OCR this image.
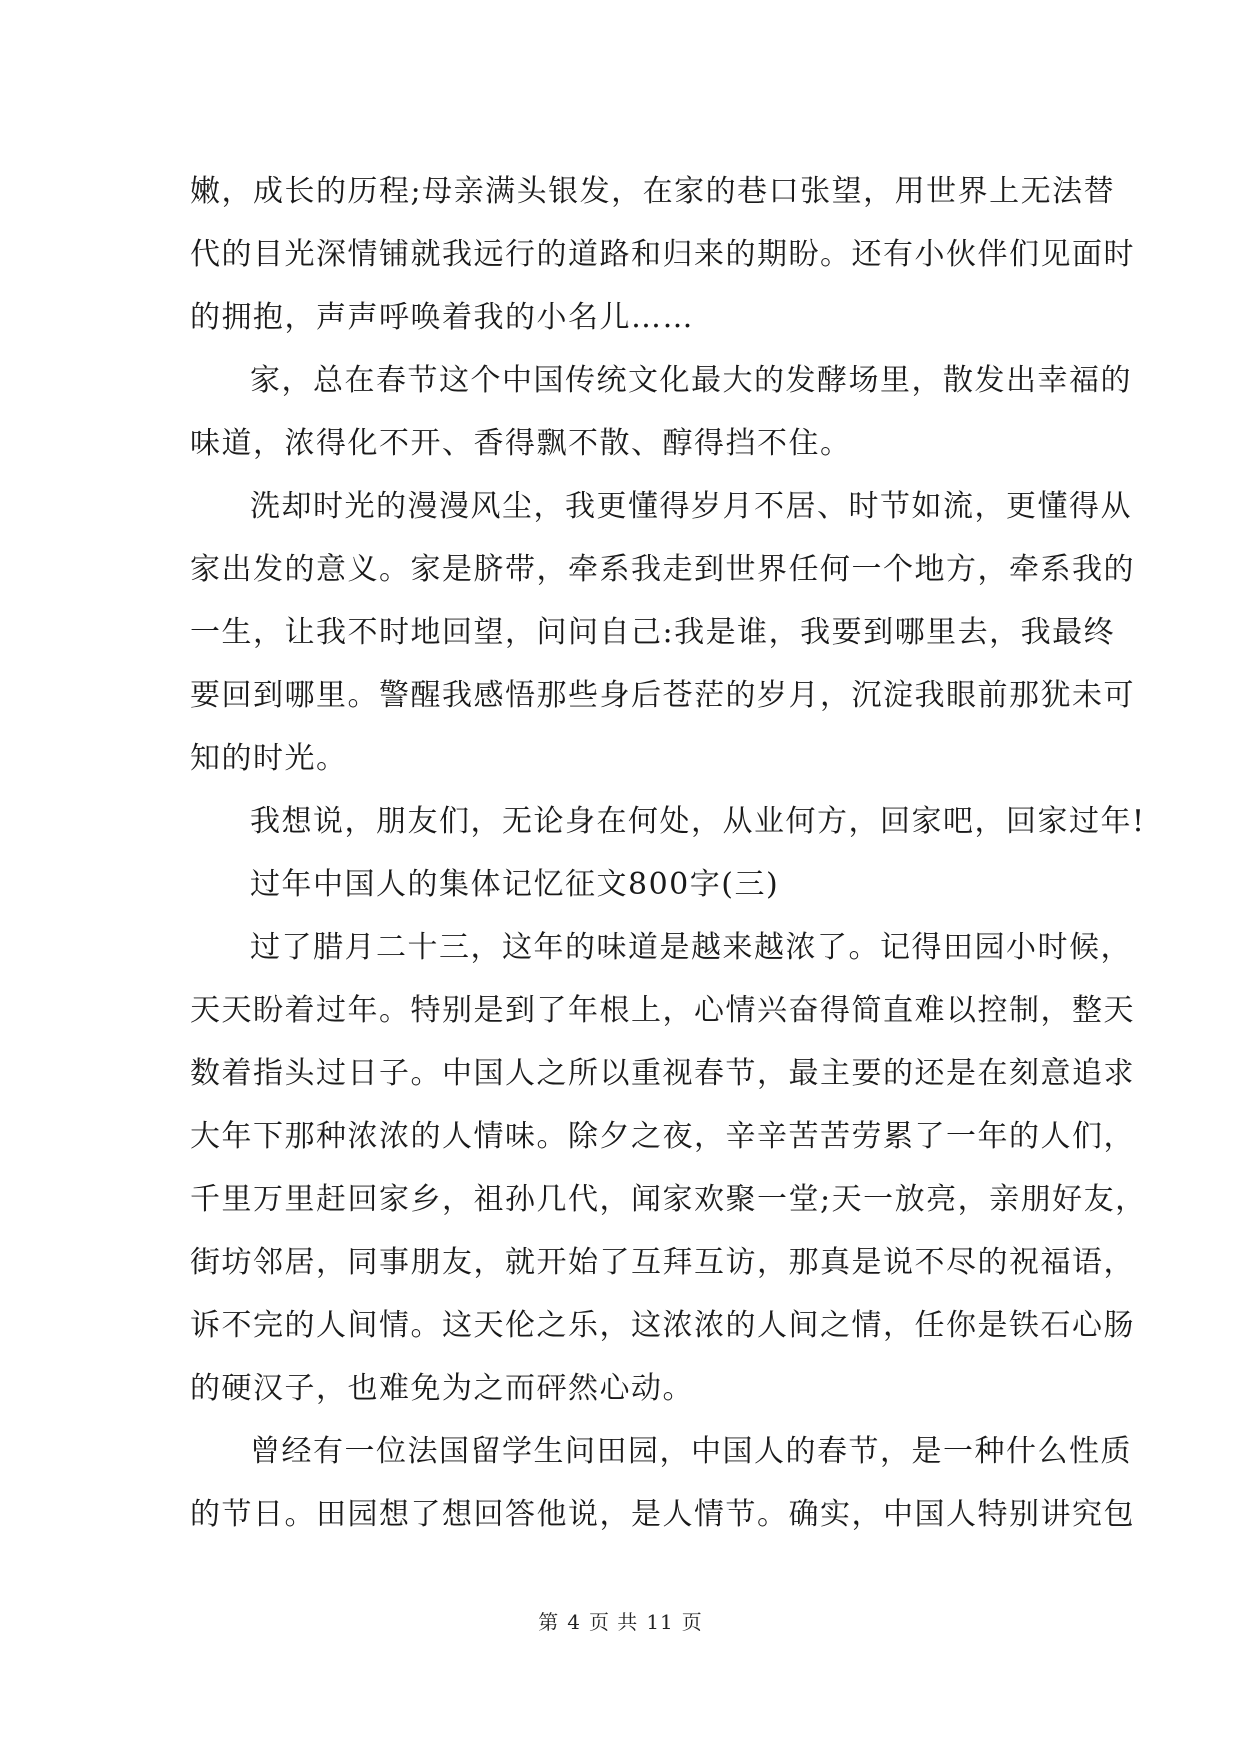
嫩，成长的历程;母亲满头银发，在家的巷口张望，用世界上无法替
代的目光深情铺就我远行的道路和归来的期盼。还有小伙伴们见面时
的拥抱，声声呼唤着我的小名儿……
家，总在春节这个中国传统文化最大的发酵场里，散发出幸福的
味道，浓得化不开、香得飘不散、醇得挡不住。
洗却时光的漫漫风尘，我更懂得岁月不居、时节如流，更懂得从
家出发的意义。家是脐带，牵系我走到世界任何一个地方，牵系我的
一生，让我不时地回望，问问自己:我是谁，我要到哪里去，我最终
要回到哪里。警醒我感悟那些身后苍茫的岁月，沉淀我眼前那犹未可
知的时光。
我想说，朋友们，无论身在何处，从业何方，回家吧，回家过年!
过年中国人的集体记忆征文800字(三)
过了腊月二十三，这年的味道是越来越浓了。记得田园小时候，
天天盼着过年。特别是到了年根上，心情兴奋得简直难以控制，整天
数着指头过日子。中国人之所以重视春节，最主要的还是在刻意追求
大年下那种浓浓的人情味。除夕之夜，辛辛苦苦劳累了一年的人们，
千里万里赶回家乡，祖孙几代，闻家欢聚一堂;天一放亮，亲朋好友，
街坊邻居，同事朋友，就开始了互拜互访，那真是说不尽的祝福语，
诉不完的人间情。这天伦之乐，这浓浓的人间之情，任你是铁石心肠
的硬汉子，也难免为之而砰然心动。
曾经有一位法国留学生问田园，中国人的春节，是一种什么性质
的节日。田园想了想回答他说，是人情节。确实，中国人特别讲究包
第 4 页 共 11 页
